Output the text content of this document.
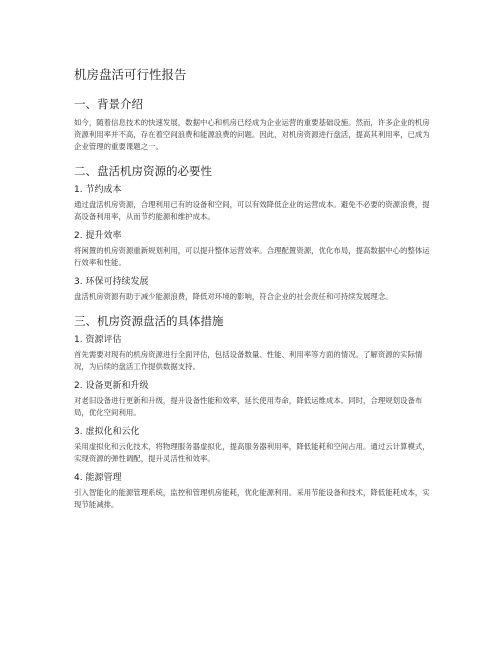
机房盘活可行性报告
一、背景介绍

如今，随着信息技术的快速发展，数据中心和机房已经成为企业运营的重要基础设施。然而，许多企业的机房资源利用率并不高，存在着空间浪费和能源浪费的问题。因此，对机房资源进行盘活，提高其利用率，已成为企业管理的重要课题之一。

二、盘活机房资源的必要性
1. 节约成本

通过盘活机房资源，合理利用已有的设备和空间，可以有效降低企业的运营成本。避免不必要的资源浪费，提高设备利用率，从而节约能源和维护成本。

2. 提升效率

将闲置的机房资源重新规划利用，可以提升整体运营效率。合理配置资源，优化布局，提高数据中心的整体运行效率和性能。

3. 环保可持续发展

盘活机房资源有助于减少能源浪费，降低对环境的影响，符合企业的社会责任和可持续发展理念。

三、机房资源盘活的具体措施
1. 资源评估

首先需要对现有的机房资源进行全面评估，包括设备数量、性能、利用率等方面的情况。了解资源的实际情况，为后续的盘活工作提供数据支持。

2. 设备更新和升级

对老旧设备进行更新和升级，提升设备性能和效率，延长使用寿命，降低运维成本。同时，合理规划设备布局，优化空间利用。

3. 虚拟化和云化

采用虚拟化和云化技术，将物理服务器虚拟化，提高服务器利用率，降低能耗和空间占用。通过云计算模式，实现资源的弹性调配，提升灵活性和效率。

4. 能源管理

引入智能化的能源管理系统，监控和管理机房能耗，优化能源利用。采用节能设备和技术，降低能耗成本，实现节能减排。
